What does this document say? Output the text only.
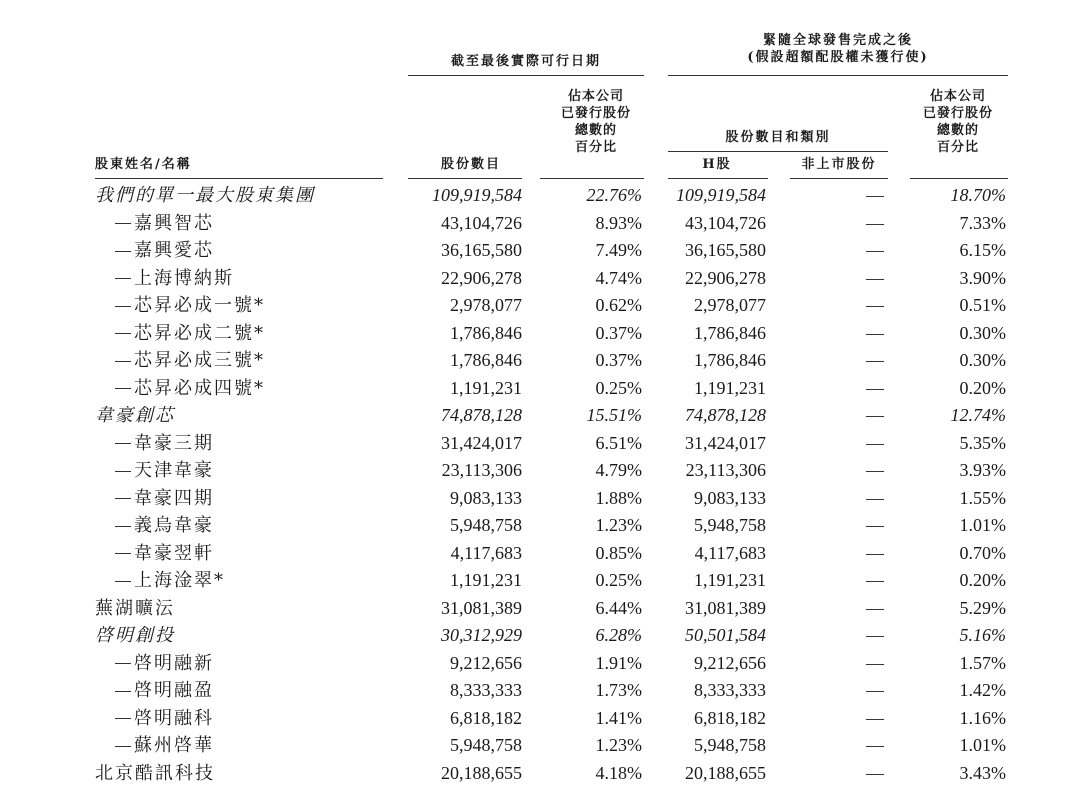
緊隨全球發售完成之後
(假設超額配股權未獲行使)
截至最後實際可行日期
佔本公司
已發行股份
總數的
百分比
股份數目和類別
佔本公司
已發行股份
總數的
百分比
股東姓名/名稱	股份數目	H股	非上市股份
我們的單一最大股東集團	109,919,584	22.76%	109,919,584	—	18.70%
嘉興智芯	43,104,726	8.93%	43,104,726	—	7.33%
嘉興愛芯	36,165,580	7.49%	36,165,580	—	6.15%
上海博納斯	22,906,278	4.74%	22,906,278	—	3.90%
芯昇必成一號*	2,978,077	0.62%	2,978,077	—	0.51%
芯昇必成二號*	1,786,846	0.37%	1,786,846	—	0.30%
芯昇必成三號*	1,786,846	0.37%	1,786,846	—	0.30%
芯昇必成四號*	1,191,231	0.25%	1,191,231	—	0.20%
韋豪創芯	74,878,128	15.51%	74,878,128	—	12.74%
韋豪三期	31,424,017	6.51%	31,424,017	—	5.35%
天津韋豪	23,113,306	4.79%	23,113,306	—	3.93%
韋豪四期	9,083,133	1.88%	9,083,133	—	1.55%
義烏韋豪	5,948,758	1.23%	5,948,758	—	1.01%
韋豪翌軒	4,117,683	0.85%	4,117,683	—	0.70%
上海淦翠*	1,191,231	0.25%	1,191,231	—	0.20%
蕪湖曠沄	31,081,389	6.44%	31,081,389	—	5.29%
啓明創投	30,312,929	6.28%	50,501,584	—	5.16%
啓明融新	9,212,656	1.91%	9,212,656	—	1.57%
啓明融盈	8,333,333	1.73%	8,333,333	—	1.42%
啓明融科	6,818,182	1.41%	6,818,182	—	1.16%
蘇州啓華	5,948,758	1.23%	5,948,758	—	1.01%
北京酷訊科技	20,188,655	4.18%	20,188,655	—	3.43%
